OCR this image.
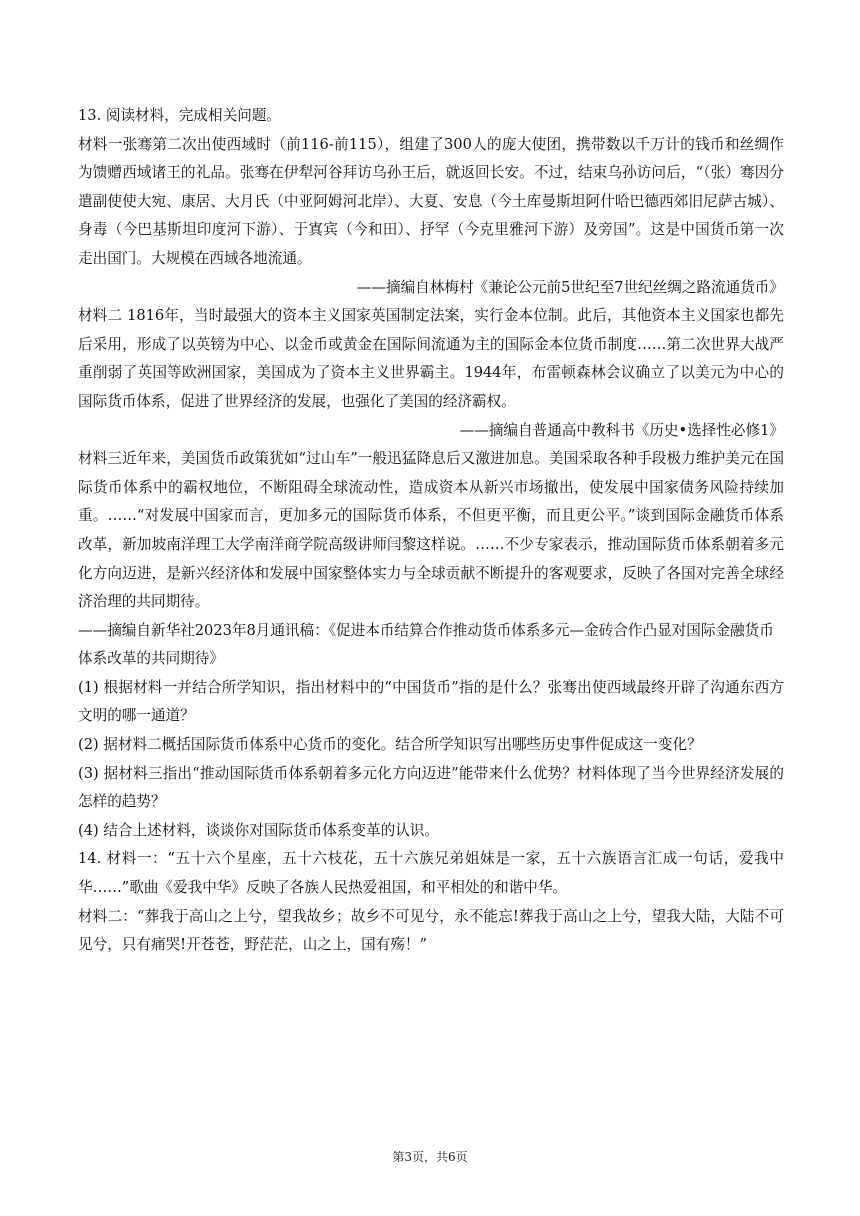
13. 阅读材料，完成相关问题。

材料一张骞第二次出使西域时（前116-前115），组建了300人的庞大使团，携带数以千万计的钱币和丝绸作为馈赠西域诸王的礼品。张骞在伊犁河谷拜访乌孙王后，就返回长安。不过，结束乌孙访问后，“（张）骞因分遣副使使大宛、康居、大月氏（中亚阿姆河北岸）、大夏、安息（今土库曼斯坦阿什哈巴德西郊旧尼萨古城）、身毒（今巴基斯坦印度河下游）、于寘宾（今和田）、抒罕（今克里雅河下游）及旁国”。这是中国货币第一次走出国门。大规模在西域各地流通。

——摘编自林梅村《兼论公元前5世纪至7世纪丝绸之路流通货币》

材料二 1816年，当时最强大的资本主义国家英国制定法案，实行金本位制。此后，其他资本主义国家也都先后采用，形成了以英镑为中心、以金币或黄金在国际间流通为主的国际金本位货币制度……第二次世界大战严重削弱了英国等欧洲国家，美国成为了资本主义世界霸主。1944年，布雷顿森林会议确立了以美元为中心的国际货币体系，促进了世界经济的发展，也强化了美国的经济霸权。

——摘编自普通高中教科书《历史•选择性必修1》

材料三近年来，美国货币政策犹如“过山车”一般迅猛降息后又激进加息。美国采取各种手段极力维护美元在国际货币体系中的霸权地位，不断阻碍全球流动性，造成资本从新兴市场撤出，使发展中国家债务风险持续加重。……“对发展中国家而言，更加多元的国际货币体系，不但更平衡，而且更公平。”谈到国际金融货币体系改革，新加坡南洋理工大学南洋商学院高级讲师闫黎这样说。……不少专家表示，推动国际货币体系朝着多元化方向迈进，是新兴经济体和发展中国家整体实力与全球贡献不断提升的客观要求，反映了各国对完善全球经济治理的共同期待。

——摘编自新华社2023年8月通讯稿：《促进本币结算合作推动货币体系多元—金砖合作凸显对国际金融货币体系改革的共同期待》

(1) 根据材料一并结合所学知识，指出材料中的“中国货币”指的是什么？张骞出使西域最终开辟了沟通东西方文明的哪一通道？

(2) 据材料二概括国际货币体系中心货币的变化。结合所学知识写出哪些历史事件促成这一变化？

(3) 据材料三指出“推动国际货币体系朝着多元化方向迈进”能带来什么优势？材料体现了当今世界经济发展的怎样的趋势？

(4) 结合上述材料，谈谈你对国际货币体系变革的认识。

14. 材料一：“五十六个星座，五十六枝花，五十六族兄弟姐妹是一家，五十六族语言汇成一句话，爱我中华……”歌曲《爱我中华》反映了各族人民热爱祖国，和平相处的和谐中华。

材料二：“葬我于高山之上兮，望我故乡；故乡不可见兮，永不能忘!葬我于高山之上兮，望我大陆，大陆不可见兮，只有痛哭!开苍苍，野茫茫，山之上，国有殇！”

第3页，共6页
